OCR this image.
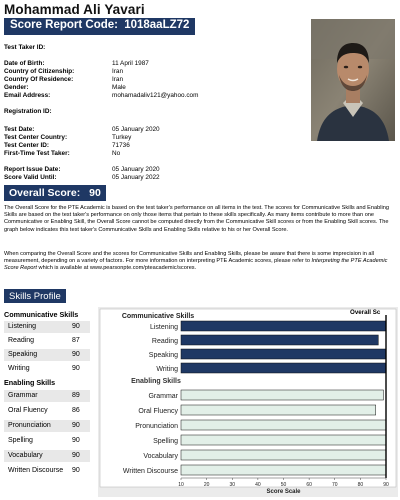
Mohammad Ali Yavari
Score Report Code: 1018aaLZ72
Test Taker ID:
Date of Birth:	11 April 1987
Country of Citizenship:	Iran
Country Of Residence:	Iran
Gender:	Male
Email Address:	mohamadaliv121@yahoo.com
Registration ID:
Test Date:	05 January 2020
Test Center Country:	Turkey
Test Center ID:	71736
First-Time Test Taker:	No
Report Issue Date:	05 January 2020
Score Valid Until:	05 January 2022
Overall Score: 90
The Overall Score for the PTE Academic is based on the test taker's performance on all items in the test. The scores for Communicative Skills and Enabling Skills are based on the test taker's performance on only those items that pertain to these skills specifically. As many items contribute to more than one Communicative or Enabling Skill, the Overall Score cannot be computed directly from the Communicative Skill scores or from the Enabling Skill scores. The graph below indicates this test taker's Communicative Skills and Enabling Skills relative to his or her Overall Score.
When comparing the Overall Score and the scores for Communicative Skills and Enabling Skills, please be aware that there is some imprecision in all measurement, depending on a variety of factors. For more information on interpreting PTE Academic scores, please refer to Interpreting the PTE Academic Score Report which is available at www.pearsonpte.com/pteacademic/scores.
Skills Profile
Communicative Skills
Listening	90
Reading	87
Speaking	90
Writing	90
Enabling Skills
Grammar	89
Oral Fluency	86
Pronunciation	90
Spelling	90
Vocabulary	90
Written Discourse 90
Communicative Skills
Listening
Reading
Speaking
Writing
Enabling Skills
Grammar
Oral Fluency
Pronunciation
Spelling
Vocabulary
Written Discourse
Overall Sc
10	20	30	40	50	60	70	80	90
Score Scale
